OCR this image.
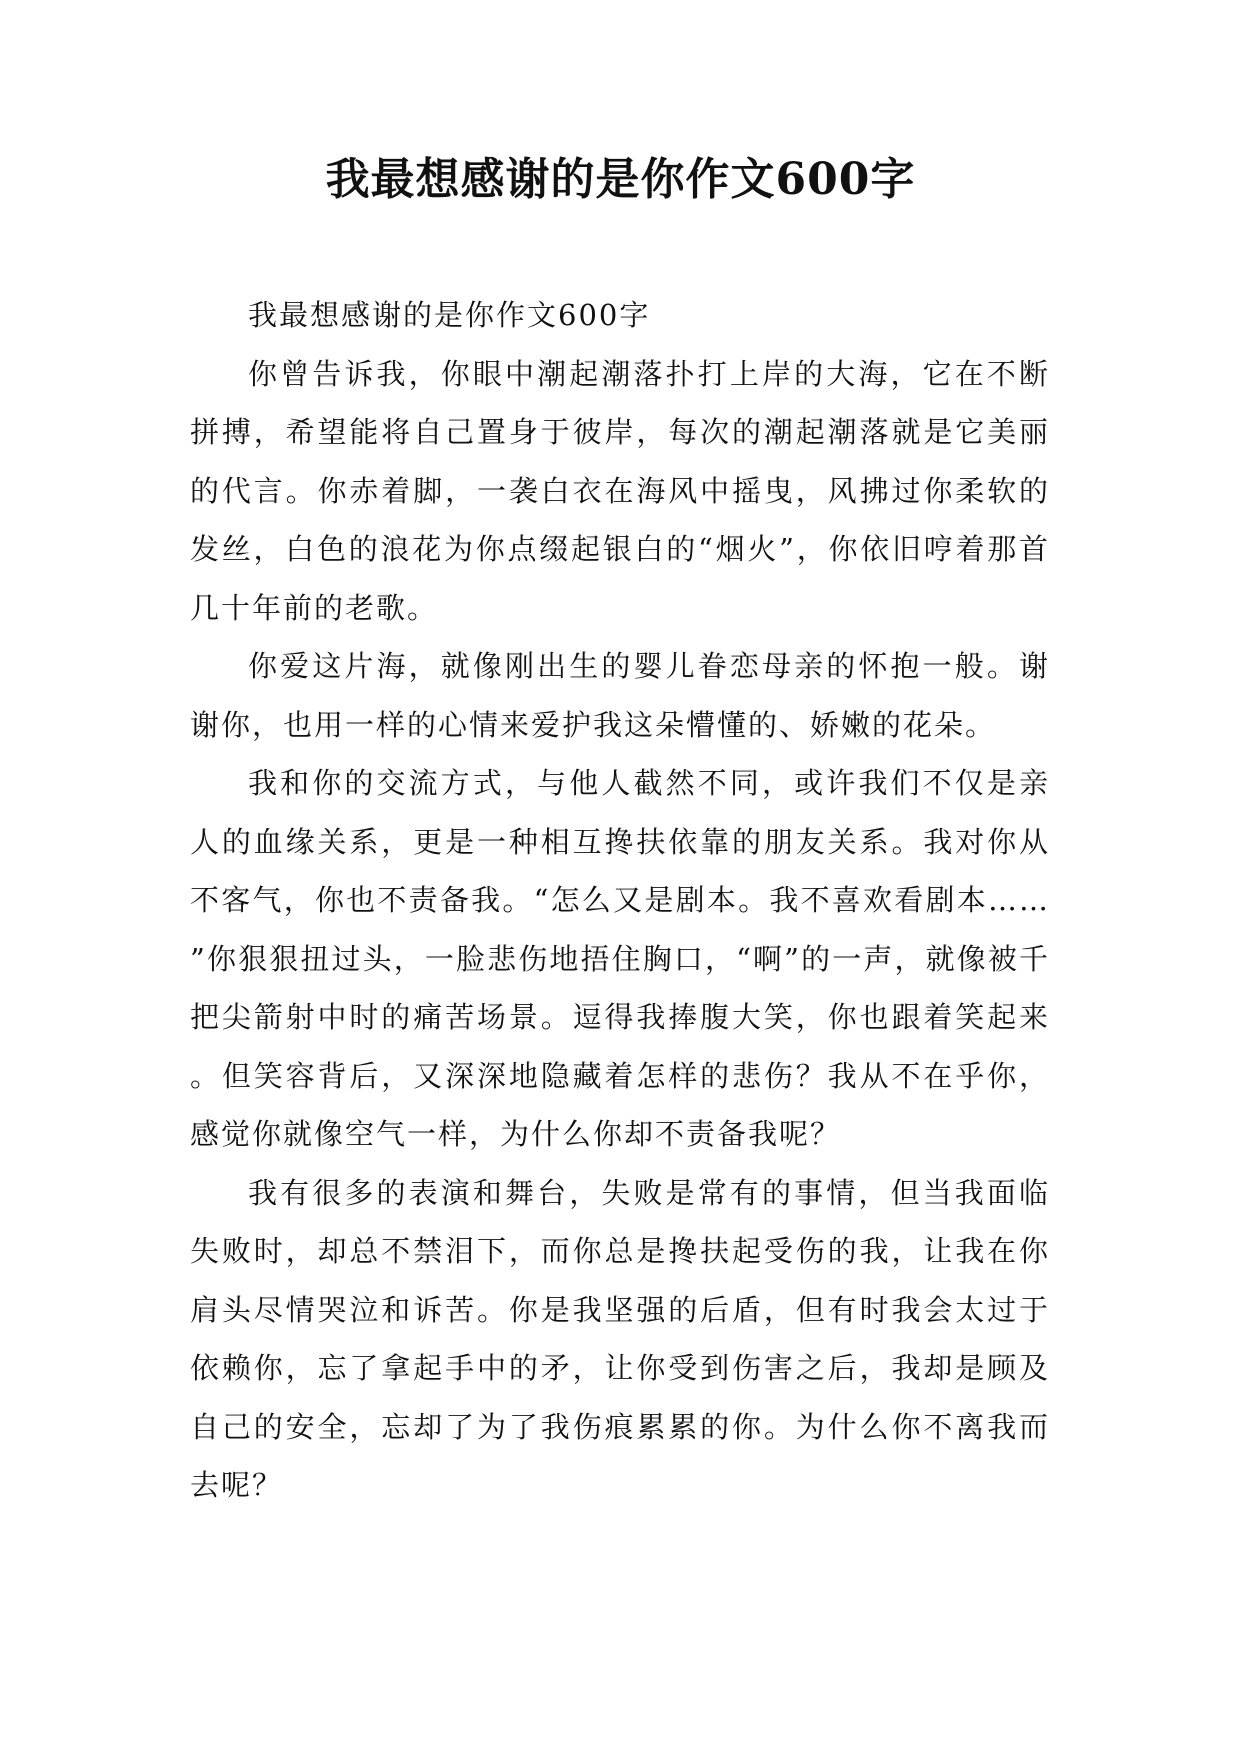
我最想感谢的是你作文600字

我最想感谢的是你作文600字

你曾告诉我，你眼中潮起潮落扑打上岸的大海，它在不断拼搏，希望能将自己置身于彼岸，每次的潮起潮落就是它美丽的代言。你赤着脚，一袭白衣在海风中摇曳，风拂过你柔软的发丝，白色的浪花为你点缀起银白的“烟火”，你依旧哼着那首几十年前的老歌。

你爱这片海，就像刚出生的婴儿眷恋母亲的怀抱一般。谢谢你，也用一样的心情来爱护我这朵懵懂的、娇嫩的花朵。

我和你的交流方式，与他人截然不同，或许我们不仅是亲人的血缘关系，更是一种相互搀扶依靠的朋友关系。我对你从不客气，你也不责备我。“怎么又是剧本。我不喜欢看剧本……”你狠狠扭过头，一脸悲伤地捂住胸口，“啊”的一声，就像被千把尖箭射中时的痛苦场景。逗得我捧腹大笑，你也跟着笑起来。但笑容背后，又深深地隐藏着怎样的悲伤？我从不在乎你，感觉你就像空气一样，为什么你却不责备我呢？

我有很多的表演和舞台，失败是常有的事情，但当我面临失败时，却总不禁泪下，而你总是搀扶起受伤的我，让我在你肩头尽情哭泣和诉苦。你是我坚强的后盾，但有时我会太过于依赖你，忘了拿起手中的矛，让你受到伤害之后，我却是顾及自己的安全，忘却了为了我伤痕累累的你。为什么你不离我而去呢？
